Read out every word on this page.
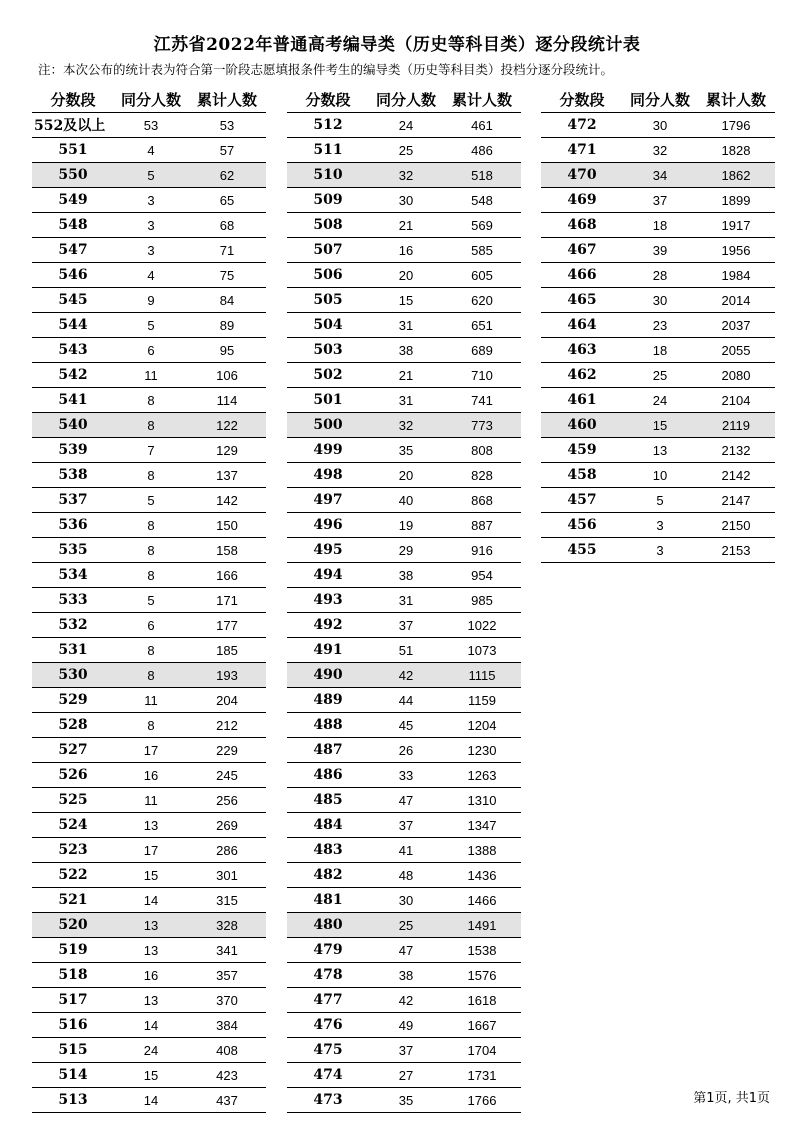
江苏省2022年普通高考编导类（历史等科目类）逐分段统计表
注：本次公布的统计表为符合第一阶段志愿填报条件考生的编导类（历史等科目类）投档分逐分段统计。
分数段	同分人数	累计人数
552及以上	53	53
551	4	57
550	5	62
549	3	65
548	3	68
547	3	71
546	4	75
545	9	84
544	5	89
543	6	95
542	11	106
541	8	114
540	8	122
539	7	129
538	8	137
537	5	142
536	8	150
535	8	158
534	8	166
533	5	171
532	6	177
531	8	185
530	8	193
529	11	204
528	8	212
527	17	229
526	16	245
525	11	256
524	13	269
523	17	286
522	15	301
521	14	315
520	13	328
519	13	341
518	16	357
517	13	370
516	14	384
515	24	408
514	15	423
513	14	437
分数段	同分人数	累计人数
512	24	461
511	25	486
510	32	518
509	30	548
508	21	569
507	16	585
506	20	605
505	15	620
504	31	651
503	38	689
502	21	710
501	31	741
500	32	773
499	35	808
498	20	828
497	40	868
496	19	887
495	29	916
494	38	954
493	31	985
492	37	1022
491	51	1073
490	42	1115
489	44	1159
488	45	1204
487	26	1230
486	33	1263
485	47	1310
484	37	1347
483	41	1388
482	48	1436
481	30	1466
480	25	1491
479	47	1538
478	38	1576
477	42	1618
476	49	1667
475	37	1704
474	27	1731
473	35	1766
分数段	同分人数	累计人数
472	30	1796
471	32	1828
470	34	1862
469	37	1899
468	18	1917
467	39	1956
466	28	1984
465	30	2014
464	23	2037
463	18	2055
462	25	2080
461	24	2104
460	15	2119
459	13	2132
458	10	2142
457	5	2147
456	3	2150
455	3	2153
第1页, 共1页
